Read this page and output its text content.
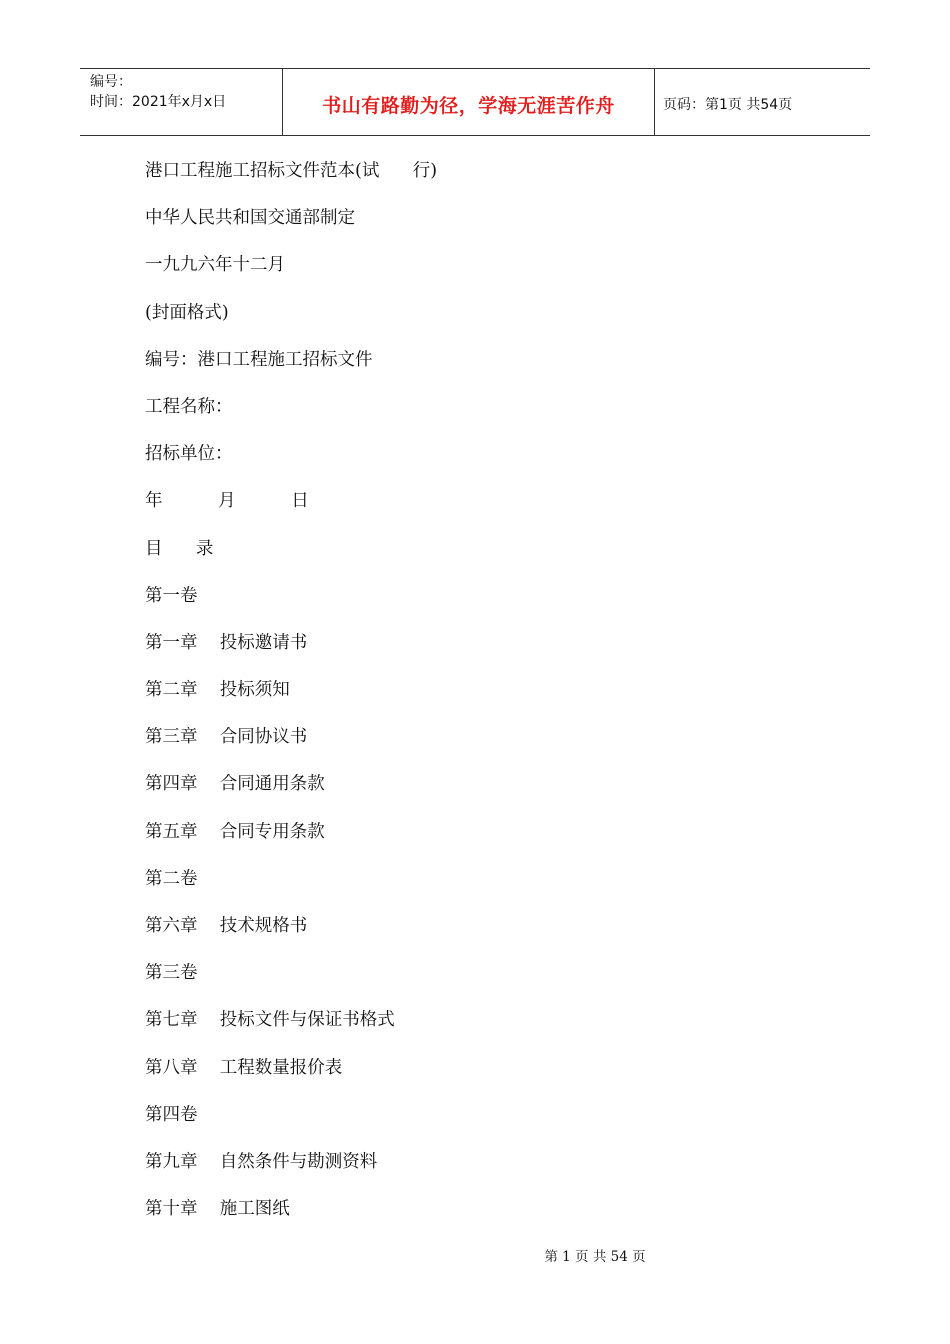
编号：
时间：2021年x月x日	书山有路勤为径，学海无涯苦作舟	页码：第1页 共54页
港口工程施工招标文件范本(试      行)
中华人民共和国交通部制定
一九九六年十二月
(封面格式)
编号：港口工程施工招标文件
工程名称：
招标单位：
年          月          日
目      录
第一卷
第一章    投标邀请书
第二章    投标须知
第三章    合同协议书
第四章    合同通用条款
第五章    合同专用条款
第二卷
第六章    技术规格书
第三卷
第七章    投标文件与保证书格式
第八章    工程数量报价表
第四卷
第九章    自然条件与勘测资料
第十章    施工图纸
第 1 页 共 54 页
